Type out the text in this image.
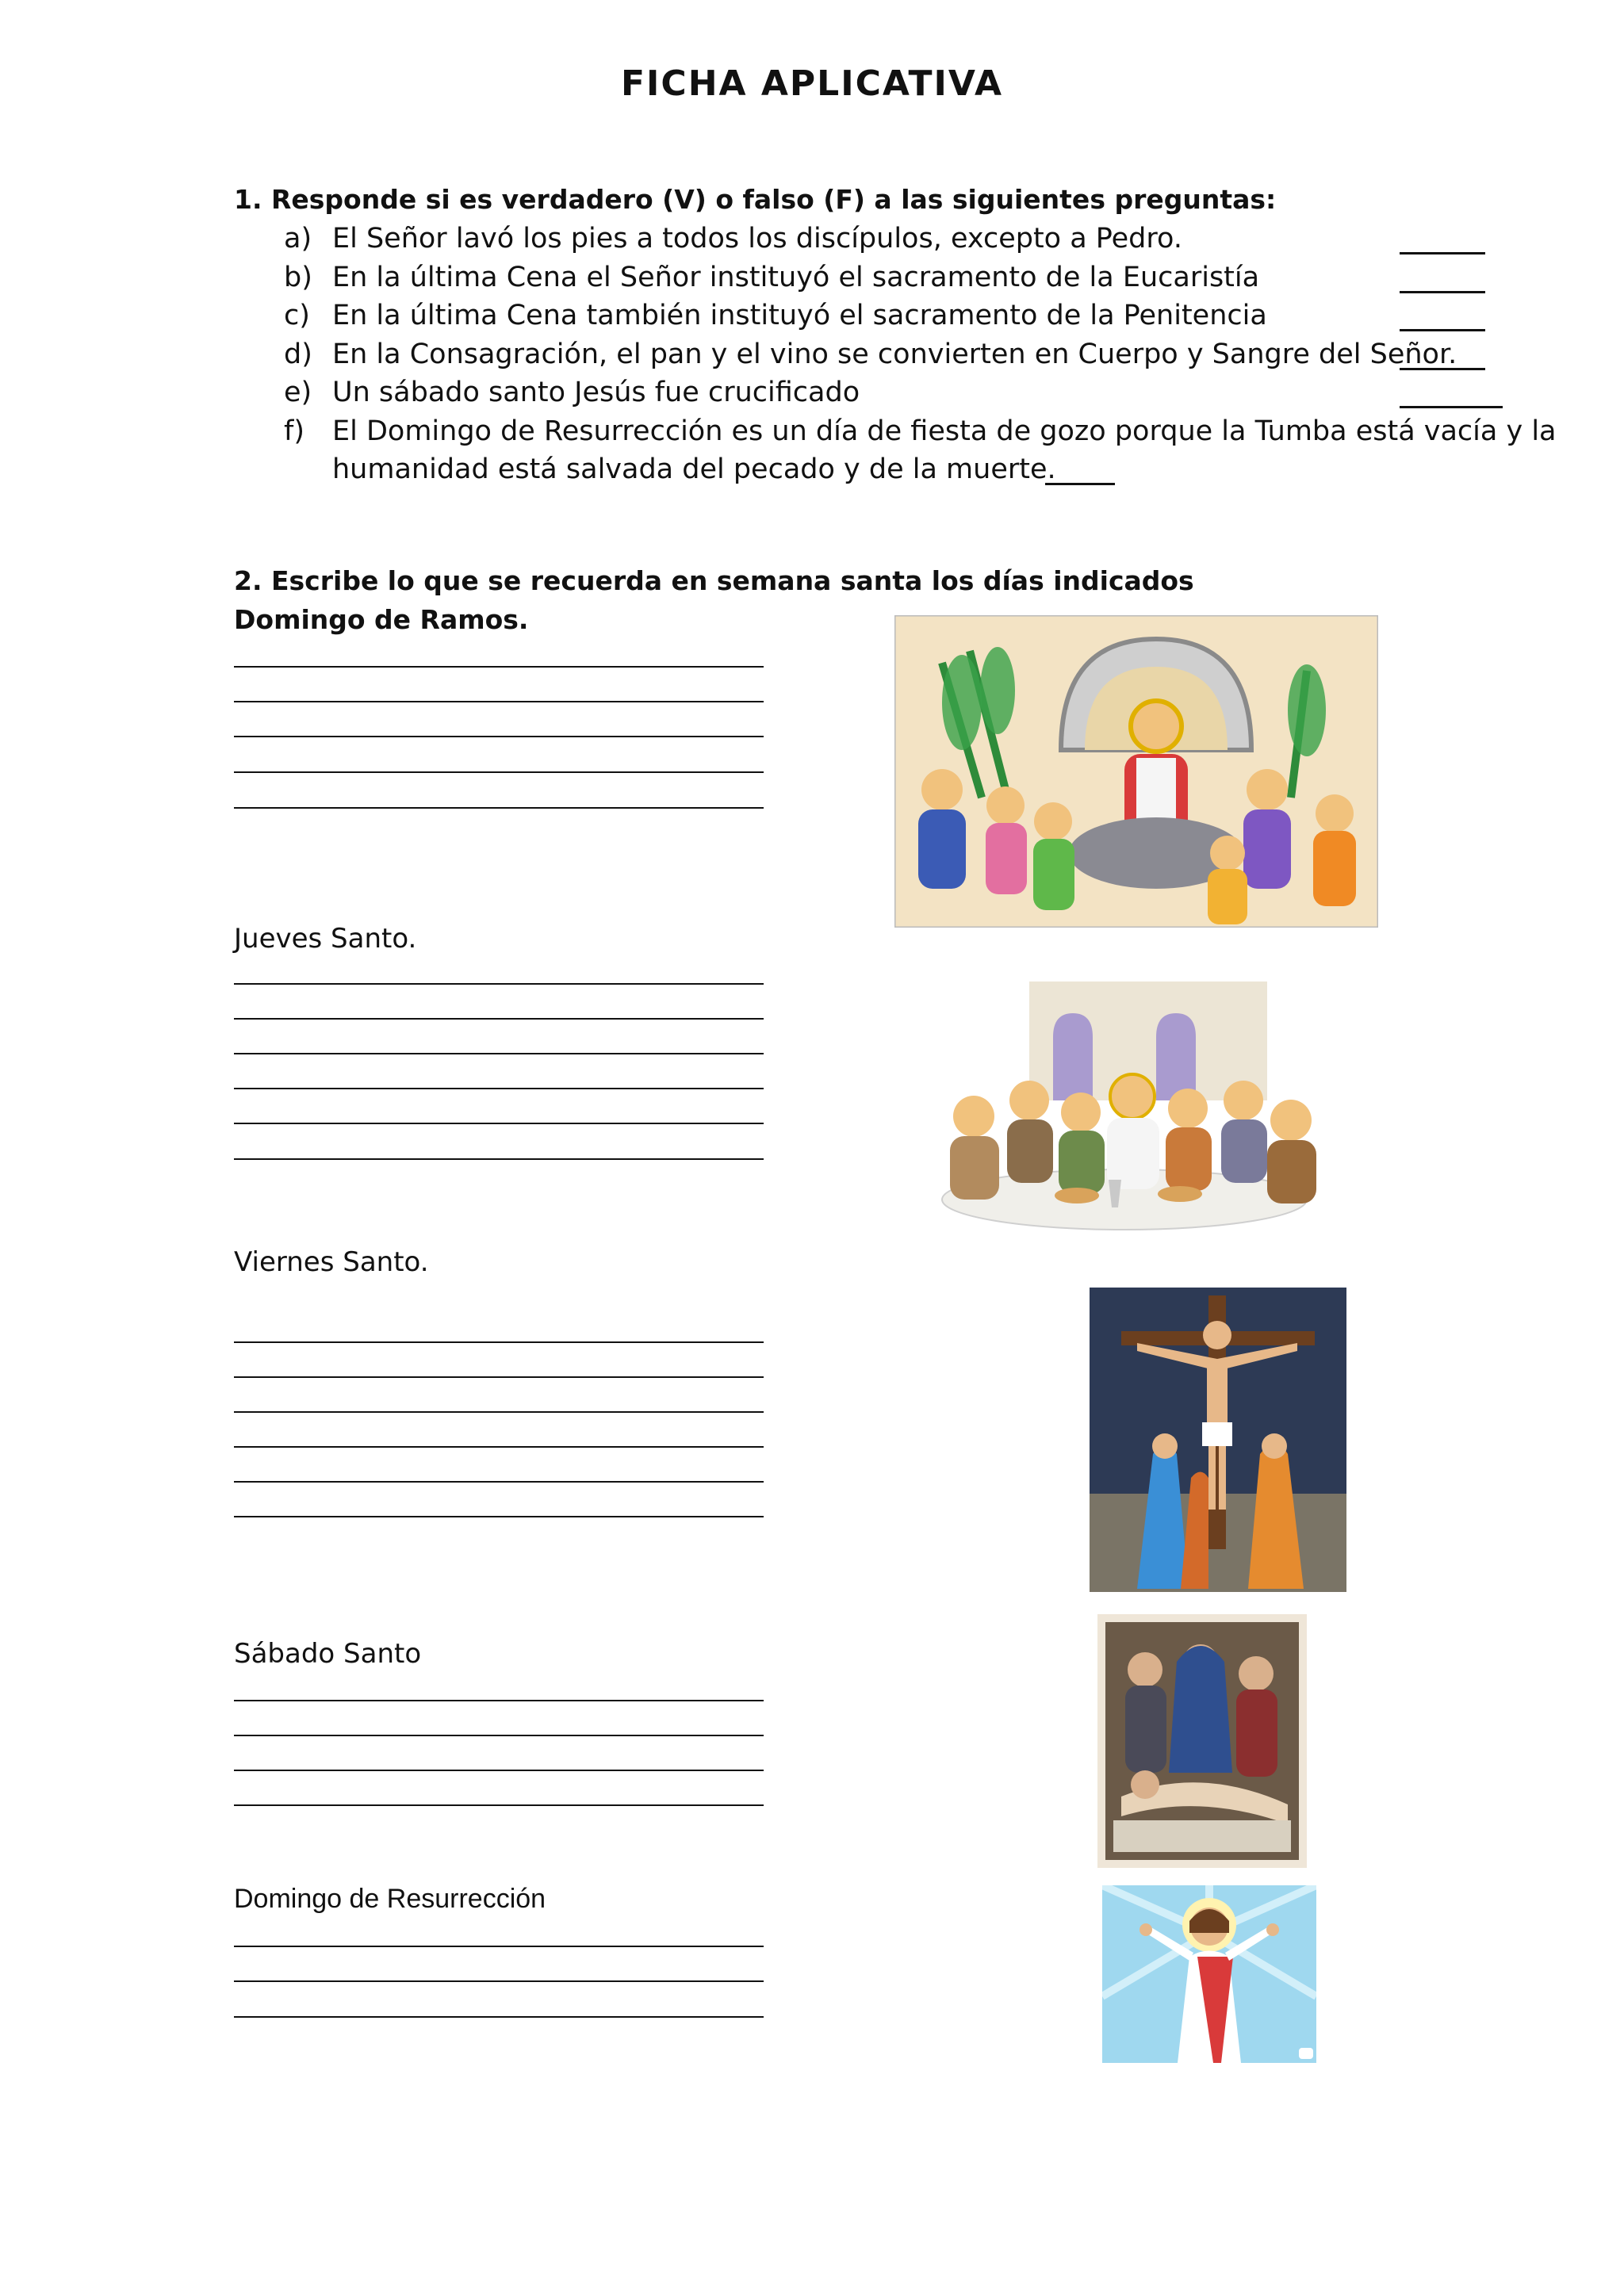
FICHA APLICATIVA
1. Responde si es verdadero (V) o falso (F) a las siguientes preguntas:
a) El Señor lavó los pies a todos los discípulos, excepto a Pedro.
b) En la última Cena el Señor instituyó el sacramento de la Eucaristía
c) En la última Cena también instituyó el sacramento de la Penitencia
d) En la Consagración, el pan y el vino se convierten en Cuerpo y Sangre del Señor.
e) Un sábado santo Jesús fue crucificado
f)	El Domingo de Resurrección es un día de fiesta de gozo porque la Tumba está vacía y la
humanidad está salvada del pecado y de la muerte.
2. Escribe lo que se recuerda en semana santa los días indicados
Domingo de Ramos.
Jueves Santo.
Viernes Santo.
Sábado Santo
Domingo de Resurrección
